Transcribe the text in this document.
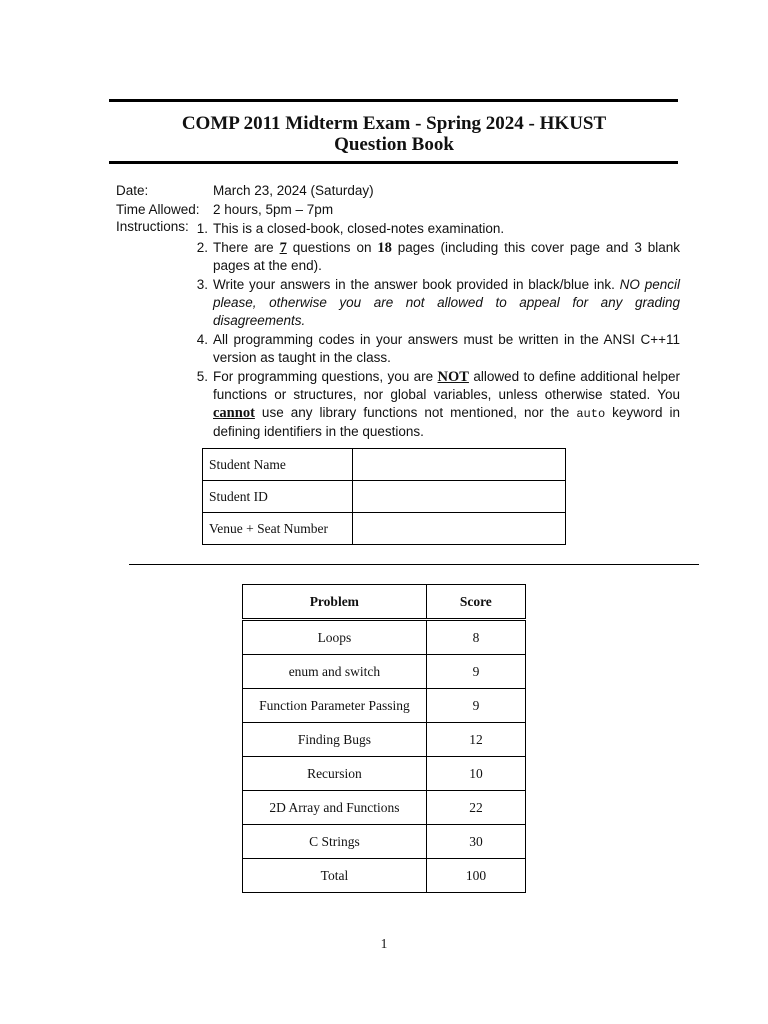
COMP 2011 Midterm Exam - Spring 2024 - HKUST
Question Book
Date:	March 23, 2024 (Saturday)
Time Allowed: 2 hours, 5pm – 7pm
Instructions: 1. This is a closed-book, closed-notes examination.
2. There are 7 questions on 18 pages (including this cover page and 3 blank pages at the end).
3. Write your answers in the answer book provided in black/blue ink. NO pencil please, otherwise you are not allowed to appeal for any grading disagreements.
4. All programming codes in your answers must be written in the ANSI C++11 version as taught in the class.
5. For programming questions, you are NOT allowed to define additional helper functions or structures, nor global variables, unless otherwise stated. You cannot use any library functions not mentioned, nor the auto keyword in defining identifiers in the questions.
Student Name	
Student ID	
Venue + Seat Number	
Problem	Score
Loops	8
enum and switch	9
Function Parameter Passing	9
Finding Bugs	12
Recursion	10
2D Array and Functions	22
C Strings	30
Total	100
1
